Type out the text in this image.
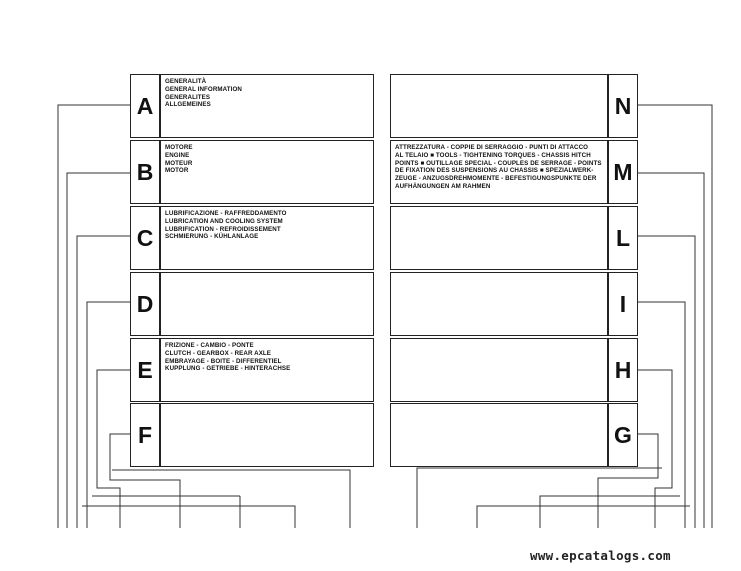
A
GENERALITÀ
GENERAL INFORMATION
GENERALITES
ALLGEMEINES
B
MOTORE
ENGINE
MOTEUR
MOTOR
C
LUBRIFICAZIONE - RAFFREDDAMENTO
LUBRICATION AND COOLING SYSTEM
LUBRIFICATION - REFROIDISSEMENT
SCHMIERUNG - KÜHLANLAGE
D
E
FRIZIONE - CAMBIO - PONTE
CLUTCH - GEARBOX - REAR AXLE
EMBRAYAGE - BOITE - DIFFERENTIEL
KUPPLUNG - GETRIEBE - HINTERACHSE
F
N
M
ATTREZZATURA - COPPIE DI SERRAGGIO - PUNTI DI ATTACCO
AL TELAIO ■ TOOLS - TIGHTENING TORQUES - CHASSIS HITCH
POINTS ■ OUTILLAGE SPECIAL - COUPLES DE SERRAGE - POINTS
DE FIXATION DES SUSPENSIONS AU CHASSIS ■ SPEZIALWERK-
ZEUGE - ANZUGSDREHMOMENTE - BEFESTIGUNGSPUNKTE DER
AUFHÄNGUNGEN AM RAHMEN
L
I
H
G
www.epcatalogs.com
